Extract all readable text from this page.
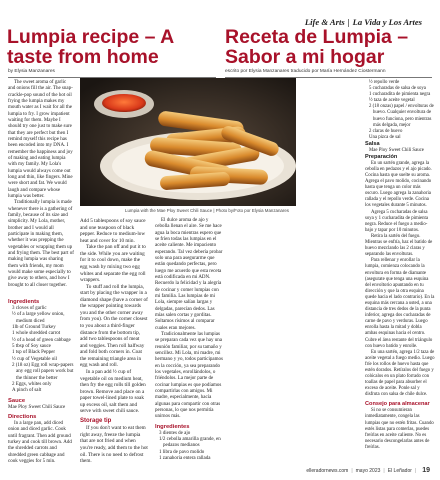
Life & Arts | La Vida y Los Artes
Lumpia recipe – A taste from home
Receta de Lumpia – Sabor a mi hogar
by Elysia Manzanares	escrito por Elysia Manzanares traducido por María Hernández Ciostermann

The sweet aroma of garlic and onions fill the air. The snap-crackle-pop sound of the hot oil frying the lumpia makes my mouth water as I wait for all the lumpia to fry. I grow impatient waiting for them. Maybe I should try one just to make sure that they are perfect but then I remind myself this recipe has been encoded into my DNA. I remember the happiness and joy of making and eating lumpia with my family. My Lola's lumpia would always come out long and thin, like fingers. Mine were short and fat. We would laugh and compare whose lumpia was better.

Traditionally lumpia is made whenever there is a gathering of family, because of its size and simplicity. My Lola, mother, brother and I would all participate in making them, whether it was prepping the vegetables or wrapping them up and frying them. The best part of making lumpia was sharing them with friends, my mom would make some especially to give away to others, and how I brought to all closer together.

Ingredients

3 cloves of garlic

½ of a large yellow onion, medium diced

1lb of Ground Turkey

1 whole shredded carrot

½ of a head of green cabbage

5 tbsp of Soy sauce

1 tsp of Black Pepper

½ cup of Vegetable oil

2 (18 oz) Egg roll wrap-papers any egg roll papers work but the thinner the better

2 Eggs, whites only

A pinch of salt

Sauce

Mae Ploy Sweet Chili Sauce

Directions

In a large pan, add diced onion and diced garlic. Cook until fragrant. Then add ground turkey and cook till brown. Add the shredded carrots and shredded green cabbage and cook veggies for 5 min.

Lumpia with the Mae Ploy Sweet Chili Sauce | Photo by/Foto por Elysia Manzanares

Add 5 tablespoons of soy sauce and one teaspoon of black pepper. Reduce to medium-low heat and cover for 10 min.

Take the pan off and put it to the side. While you are waiting for it to cool down, make the egg wash by mixing two egg whites and separate the egg roll wrappers.

To stuff and roll the lumpia, start by placing the wrapper in a diamond shape (have a corner of the wrapper pointing towards you and the other corner away from you). On the corner closest to you about a third-finger distance from the bottom tip, add two tablespoons of meat and veggies. Then roll halfway and fold both corners in. Coat the remaining triangle area in egg wash and roll.

In a pan add ½ cup of vegetable oil on medium heat, then fry the egg rolls till golden brown. Remove and place on a paper towel-lined plate to soak up excess oil, salt them and serve with sweet chili sauce.

Storage tip

If you don't want to eat them right away, freeze the lumpia that are not fried and when you're ready, add them to the hot oil. There is no need to defrost them.

El dulce aroma de ajo y cebolla llenan el aire. Se me hace agua la boca mientras espero que se fríen todas las lumpias en el aceite caliente. Me impaciento esperando. Tal vez debería probar solo una para asegurarme que están quedando perfectas, pero luego me acuerdo que esta receta está codificada en mi ADN. Recuerdo la felicidad y la alegría de cocinar y comer lumpias con mi familia. Las lumpias de mi Lola, siempre salían largas y delgadas, parecían dedos. Las mías salen cortas y gorditas. Soltamos rísimos al comparar cuales eran mejores.

Tradicionalmente las lumpias se preparan cada vez que hay una reunión familiar, por su tamaño y sencillez. Mi Lola, mi madre, mi hermano y yo, todos participamos en la cocción, ya sea preparando los vegetales, enrollándolos, o friéndolos. La mejor parte de cocinar lumpias es que podíamos compartirlas con amigos. Mi madre, especialmente, hacía algunas para compartir con otras personas, lo que nos permitía unirnos más.

Ingredientes

3 dientes de ajo

1/2 cebolla amarilla grande, en pedazos medianos

1 libra de pavo molido

1 zanahoria entera rallada

½ repollo verde

5 cucharadas de salsa de soya

1 cucharadita de pimienta negra

½ taza de aceite vegetal

2 (18 onzas) papel / envolturas de huevo. Cualquier envoltura de huevo funciona, pero mientras más delgada, mejor

2 claras de huevo

Una pizca de sal

Salsa

Mae Ploy Sweet Chili Sauce

Preparación

En un sartén grande, agrega la cebolla en pedazos y el ajo picado. Cocina hasta que suelte su aroma. Agrega el pavo molido, cocinando hasta que tenga un color más oscuro. Luego agrega la zanahoria rallada y el repollo verde. Cocina los vegetales durante 5 minutos.

Agrega 5 cucharadas de salsa soya y 1 cucharadita de pimienta negra. Reduce el fuego a medio-bajo y tapar por 10 minutos.

Retira la sartén del fuego. Mientras se enfría, haz el batido de huevo mezclando las 2 claras y separando las envolturas.

Para rellenar y enrollar la lumpia, comienza colocando la envoltura en forma de diamante (asegurate que tenga una esquina del envoltorio apuntando en tu dirección y que la otra esquina quede hacia el lado contrario). En la esquina más cercana a usted, a una distancia de tres dedos de la punta inferior, agrega dos cucharadas de carne de pavo y verduras. Luego enrolla hasta la mitad y dobla ambas esquinas hacia el centro. Cubre el área restante del triángulo con huevo batido y enrolle.

En una sartén, agrega 1/2 taza de aceite vegetal a fuego medio. Luego fríe los rollos de huevo hasta que estén dorados. Retíralos del fuego y colócalos en un plato forrado con toallas de papel para absorber el exceso de aceite. Ponle sal y disfruta con salsa de chile dulce.

Consejo para almacenar

Si no se consumieran inmediatamente, congela las lumpias que no estén fritas. Cuando estés listas para comerlas, puedes freírlas en aceite caliente. No es necesario descongelarlas antes de freírlas.

elleradornews.com | mayo 2023 | El Leñador | 19
